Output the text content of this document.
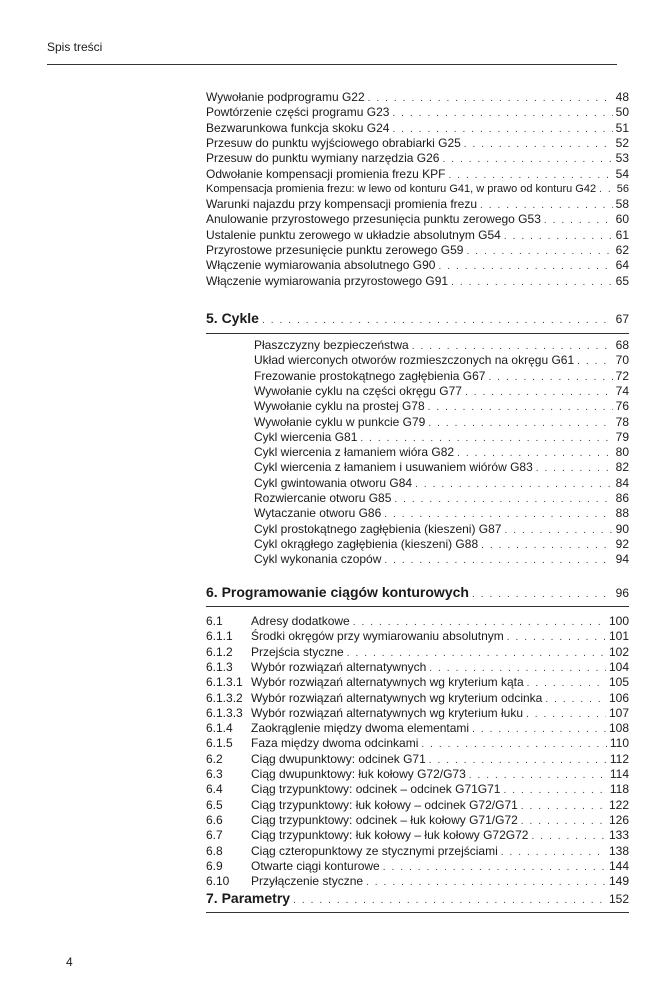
Spis treści
Wywołanie podprogramu G22 . . .	48
Powtórzenie części programu G23 . . .	50
Bezwarunkowa funkcja skoku G24 . . .	51
Przesuw do punktu wyjściowego obrabiarki G25 . . .	52
Przesuw do punktu wymiany narzędzia G26 . . .	53
Odwołanie kompensacji promienia frezu KPF . . .	54
Kompensacja promienia frezu: w lewo od konturu G41, w prawo od konturu G42 . . . 56
Warunki najazdu przy kompensacji promienia frezu . . .	58
Anulowanie przyrostowego przesunięcia punktu zerowego G53 . . .	60
Ustalenie punktu zerowego w układzie absolutnym G54 . . .	61
Przyrostowe przesunięcie punktu zerowego G59 . . .	62
Włączenie wymiarowania absolutnego G90 . . .	64
Włączenie wymiarowania przyrostowego G91 . . .	65
5. Cykle . . .	67
Płaszczyzny bezpieczeństwa . . .	68
Układ wierconych otworów rozmieszczonych na okręgu G61 . . .	70
Frezowanie prostokątnego zagłębienia G67 . . .	72
Wywołanie cyklu na części okręgu G77 . . .	74
Wywołanie cyklu na prostej G78 . . .	76
Wywołanie cyklu w punkcie G79 . . .	78
Cykl wiercenia G81 . . .	79
Cykl wiercenia z łamaniem wióra G82 . . .	80
Cykl wiercenia z łamaniem i usuwaniem wiórów G83 . . .	82
Cykl gwintowania otworu G84 . . .	84
Rozwiercanie otworu G85 . . .	86
Wytaczanie otworu G86 . . .	88
Cykl prostokątnego zagłębienia (kieszeni) G87 . . .	90
Cykl okrągłego zagłębienia (kieszeni) G88 . . .	92
Cykl wykonania czopów . . .	94
6. Programowanie ciągów konturowych . . .	96
6.1	Adresy dodatkowe . . .	100
6.1.1	Środki okręgów przy wymiarowaniu absolutnym . . .	101
6.1.2	Przejścia styczne . . .	102
6.1.3	Wybór rozwiązań alternatywnych . . .	104
6.1.3.1 Wybór rozwiązań alternatywnych wg kryterium kąta . . .	105
6.1.3.2 Wybór rozwiązań alternatywnych wg kryterium odcinka . . .	106
6.1.3.3 Wybór rozwiązań alternatywnych wg kryterium łuku . . .	107
6.1.4	Zaokrąglenie między dwoma elementami . . .	108
6.1.5	Faza między dwoma odcinkami . . .	110
6.2	Ciąg dwupunktowy: odcinek G71 . . .	112
6.3	Ciąg dwupunktowy: łuk kołowy G72/G73 . . .	114
6.4	Ciąg trzypunktowy: odcinek – odcinek G71G71 . . .	118
6.5	Ciąg trzypunktowy: łuk kołowy – odcinek G72/G71 . . .	122
6.6	Ciąg trzypunktowy: odcinek – łuk kołowy G71/G72 . . .	126
6.7	Ciąg trzypunktowy: łuk kołowy – łuk kołowy G72G72 . . .	133
6.8	Ciąg czteropunktowy ze stycznymi przejściami . . .	138
6.9	Otwarte ciągi konturowe . . .	144
6.10	Przyłączenie styczne . . .	149
7. Parametry . . .	152
4
